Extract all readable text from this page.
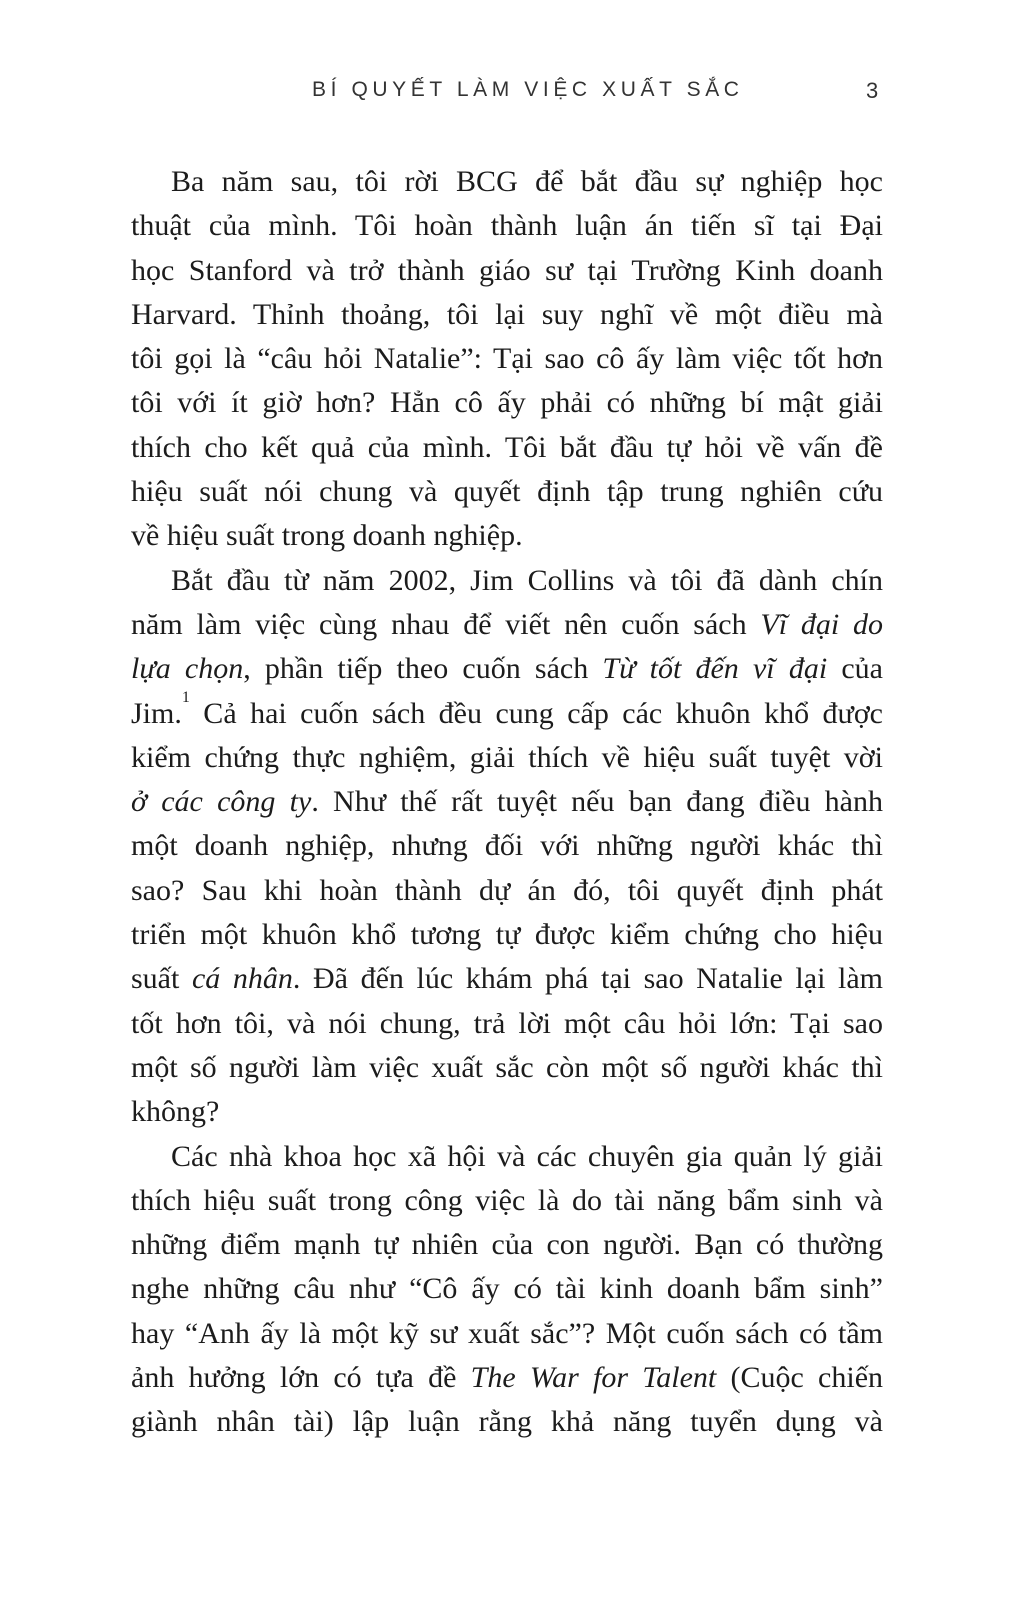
BÍ QUYẾT LÀM VIỆC XUẤT SẮC	3
Ba năm sau, tôi rời BCG để bắt đầu sự nghiệp học
thuật của mình. Tôi hoàn thành luận án tiến sĩ tại Đại
học Stanford và trở thành giáo sư tại Trường Kinh doanh
Harvard. Thỉnh thoảng, tôi lại suy nghĩ về một điều mà
tôi gọi là “câu hỏi Natalie”: Tại sao cô ấy làm việc tốt hơn
tôi với ít giờ hơn? Hẳn cô ấy phải có những bí mật giải
thích cho kết quả của mình. Tôi bắt đầu tự hỏi về vấn đề
hiệu suất nói chung và quyết định tập trung nghiên cứu
về hiệu suất trong doanh nghiệp.
Bắt đầu từ năm 2002, Jim Collins và tôi đã dành chín
năm làm việc cùng nhau để viết nên cuốn sách Vĩ đại do
lựa chọn, phần tiếp theo cuốn sách Từ tốt đến vĩ đại của
Jim.$^1$ Cả hai cuốn sách đều cung cấp các khuôn khổ được
kiểm chứng thực nghiệm, giải thích về hiệu suất tuyệt vời
ở các công ty. Như thế rất tuyệt nếu bạn đang điều hành
một doanh nghiệp, nhưng đối với những người khác thì
sao? Sau khi hoàn thành dự án đó, tôi quyết định phát
triển một khuôn khổ tương tự được kiểm chứng cho hiệu
suất cá nhân. Đã đến lúc khám phá tại sao Natalie lại làm
tốt hơn tôi, và nói chung, trả lời một câu hỏi lớn: Tại sao
một số người làm việc xuất sắc còn một số người khác thì
không?
Các nhà khoa học xã hội và các chuyên gia quản lý giải
thích hiệu suất trong công việc là do tài năng bẩm sinh và
những điểm mạnh tự nhiên của con người. Bạn có thường
nghe những câu như “Cô ấy có tài kinh doanh bẩm sinh”
hay “Anh ấy là một kỹ sư xuất sắc”? Một cuốn sách có tầm
ảnh hưởng lớn có tựa đề The War for Talent (Cuộc chiến
giành nhân tài) lập luận rằng khả năng tuyển dụng và
